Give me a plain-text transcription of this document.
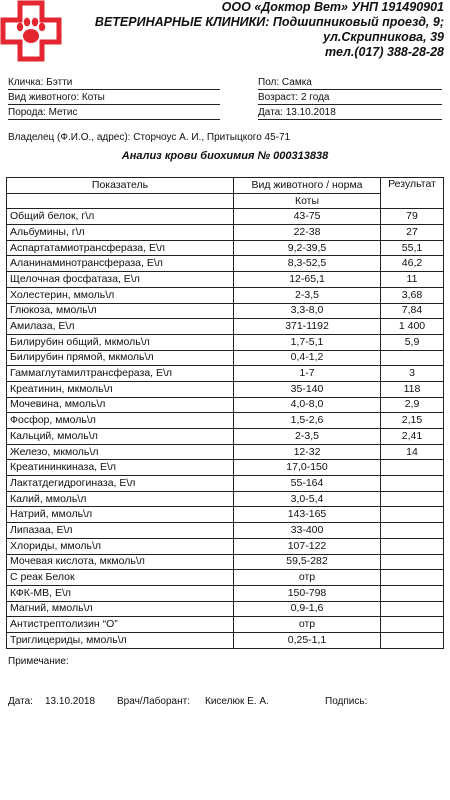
ООО «Доктор Вет» УНП 191490901
ВЕТЕРИНАРНЫЕ КЛИНИКИ: Подшипниковый проезд, 9;
ул.Скрипникова, 39
тел.(017) 388-28-28
Кличка: Бэтти	Пол: Самка
Вид животного: Коты	Возраст: 2 года
Порода: Метис	Дата: 13.10.2018
Владелец (Ф.И.О., адрес): Сторчоус А. И., Притыцкого 45-71
Анализ крови биохимия № 000313838
Показатель	Вид животного / норма	Результат
	Коты	
Общий белок, г\л	43-75	79
Альбумины, г\л	22-38	27
Аспартатамиотрансфераза, Е\л	9,2-39,5	55,1
Аланинаминотрансфераза, Е\л	8,3-52,5	46,2
Щелочная фосфатаза, Е\л	12-65,1	11
Холестерин, ммоль\л	2-3,5	3,68
Глюкоза, ммоль\л	3,3-8,0	7,84
Амилаза, Е\л	371-1192	1 400
Билирубин общий, мкмоль\л	1,7-5,1	5,9
Билирубин прямой, мкмоль\л	0,4-1,2	
Гаммаглутамилтрансфераза, Е\л	1-7	3
Креатинин, мкмоль\л	35-140	118
Мочевина, ммоль\л	4,0-8,0	2,9
Фосфор, ммоль\л	1,5-2,6	2,15
Кальций, ммоль\л	2-3,5	2,41
Железо, мкмоль\л	12-32	14
Креатининкиназа, Е\л	17,0-150	
Лактатдегидрогиназа, Е\л	55-164	
Калий, ммоль\л	3,0-5,4	
Натрий, ммоль\л	143-165	
Липазаа, Е\л	33-400	
Хлориды, ммоль\л	107-122	
Мочевая кислота, мкмоль\л	59,5-282	
С реак Белок	отр	
КФК-МВ, Е\л	150-798	
Магний, ммоль\л	0,9-1,6	
Антистрептолизин “О”	отр	
Триглицериды, ммоль\л	0,25-1,1	
Примечание:
Дата: 13.10.2018 Врач/Лаборант: Киселюк Е. А.	Подпись:
